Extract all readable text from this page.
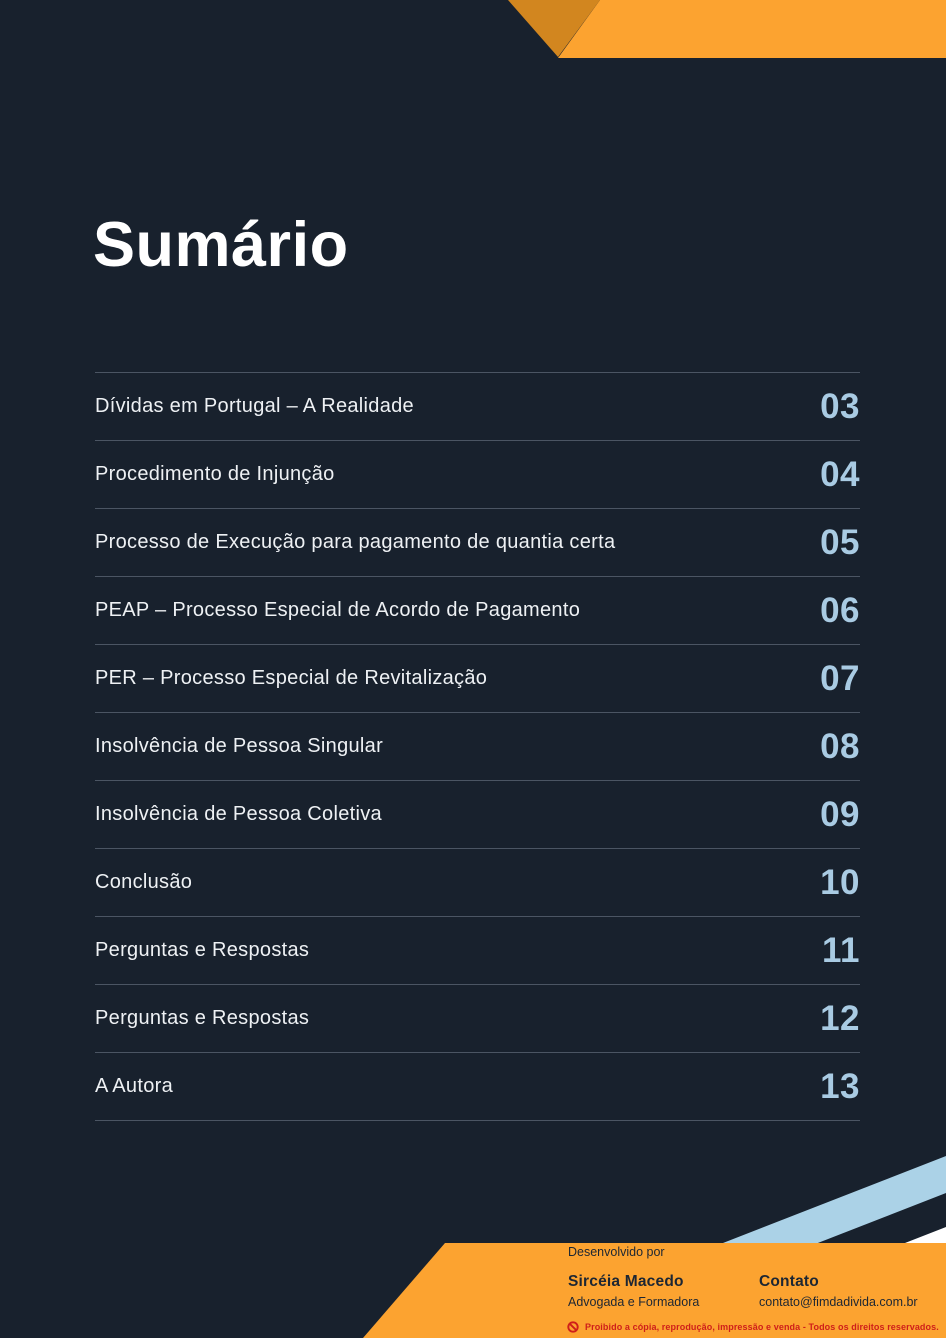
Sumário
Dívidas em Portugal – A Realidade	03
Procedimento de Injunção	04
Processo de Execução para pagamento de quantia certa	05
PEAP – Processo Especial de Acordo de Pagamento	06
PER – Processo Especial de Revitalização	07
Insolvência de Pessoa Singular	08
Insolvência de Pessoa Coletiva	09
Conclusão	10
Perguntas e Respostas	11
Perguntas e Respostas	12
A Autora	13
Desenvolvido por
Sircéia Macedo
Advogada e Formadora
Contato
contato@fimdadivida.com.br
Proibido a cópia, reprodução, impressão e venda - Todos os direitos reservados.
